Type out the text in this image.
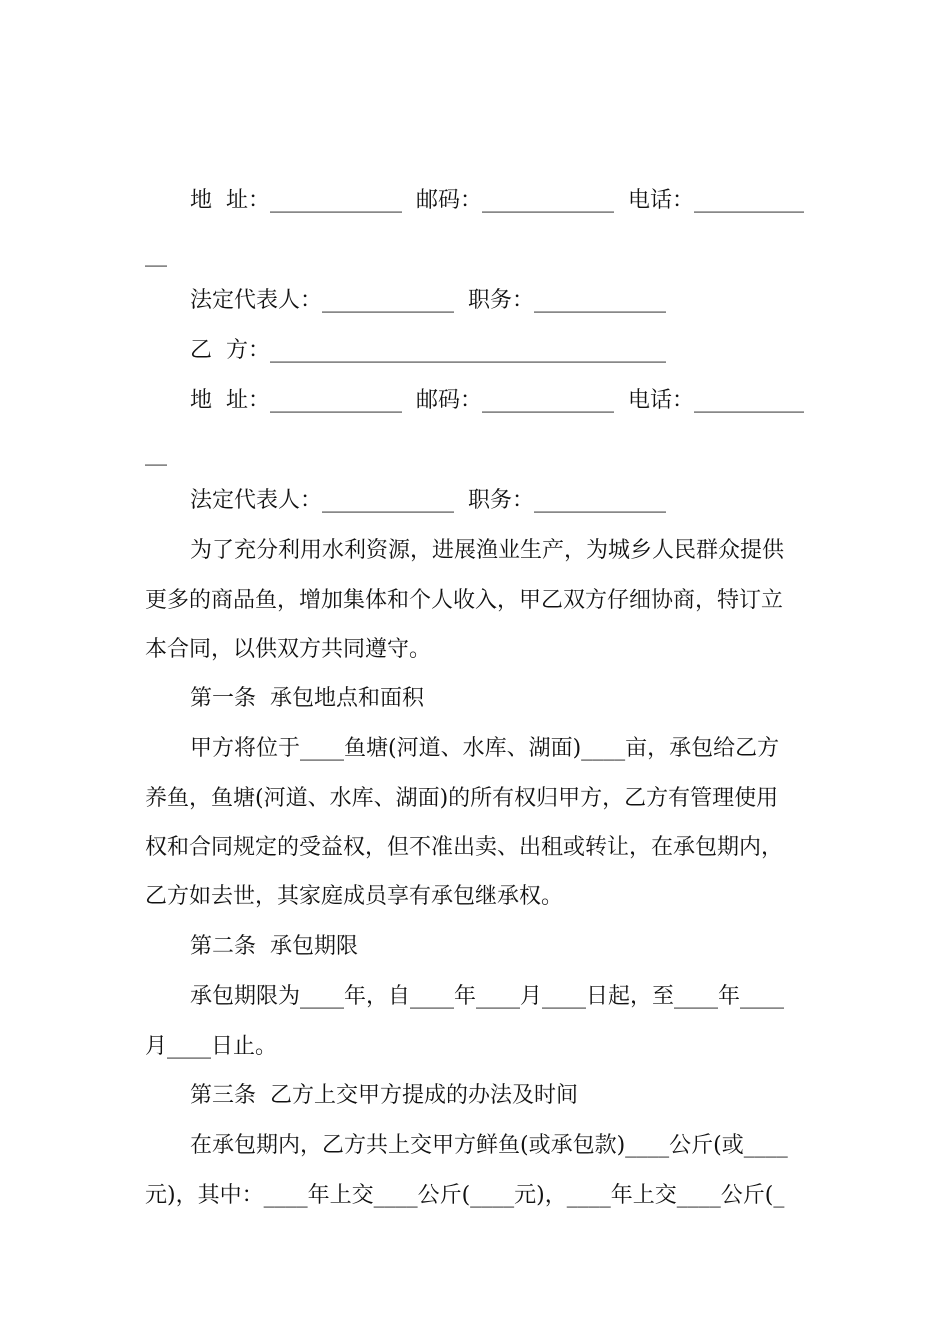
地  址：____________  邮码：____________  电话：__________
__
法定代表人：____________  职务：____________
乙  方：____________________________________
地  址：____________  邮码：____________  电话：__________
__
法定代表人：____________  职务：____________
为了充分利用水利资源，进展渔业生产，为城乡人民群众提供
更多的商品鱼，增加集体和个人收入，甲乙双方仔细协商，特订立
本合同，以供双方共同遵守。
第一条  承包地点和面积
甲方将位于____鱼塘(河道、水库、湖面)____亩，承包给乙方
养鱼，鱼塘(河道、水库、湖面)的所有权归甲方，乙方有管理使用
权和合同规定的受益权，但不准出卖、出租或转让，在承包期内，
乙方如去世，其家庭成员享有承包继承权。
第二条  承包期限
承包期限为____年，自____年____月____日起，至____年____
月____日止。
第三条  乙方上交甲方提成的办法及时间
在承包期内，乙方共上交甲方鲜鱼(或承包款)____公斤(或____
元)，其中：____年上交____公斤(____元)，____年上交____公斤(_
